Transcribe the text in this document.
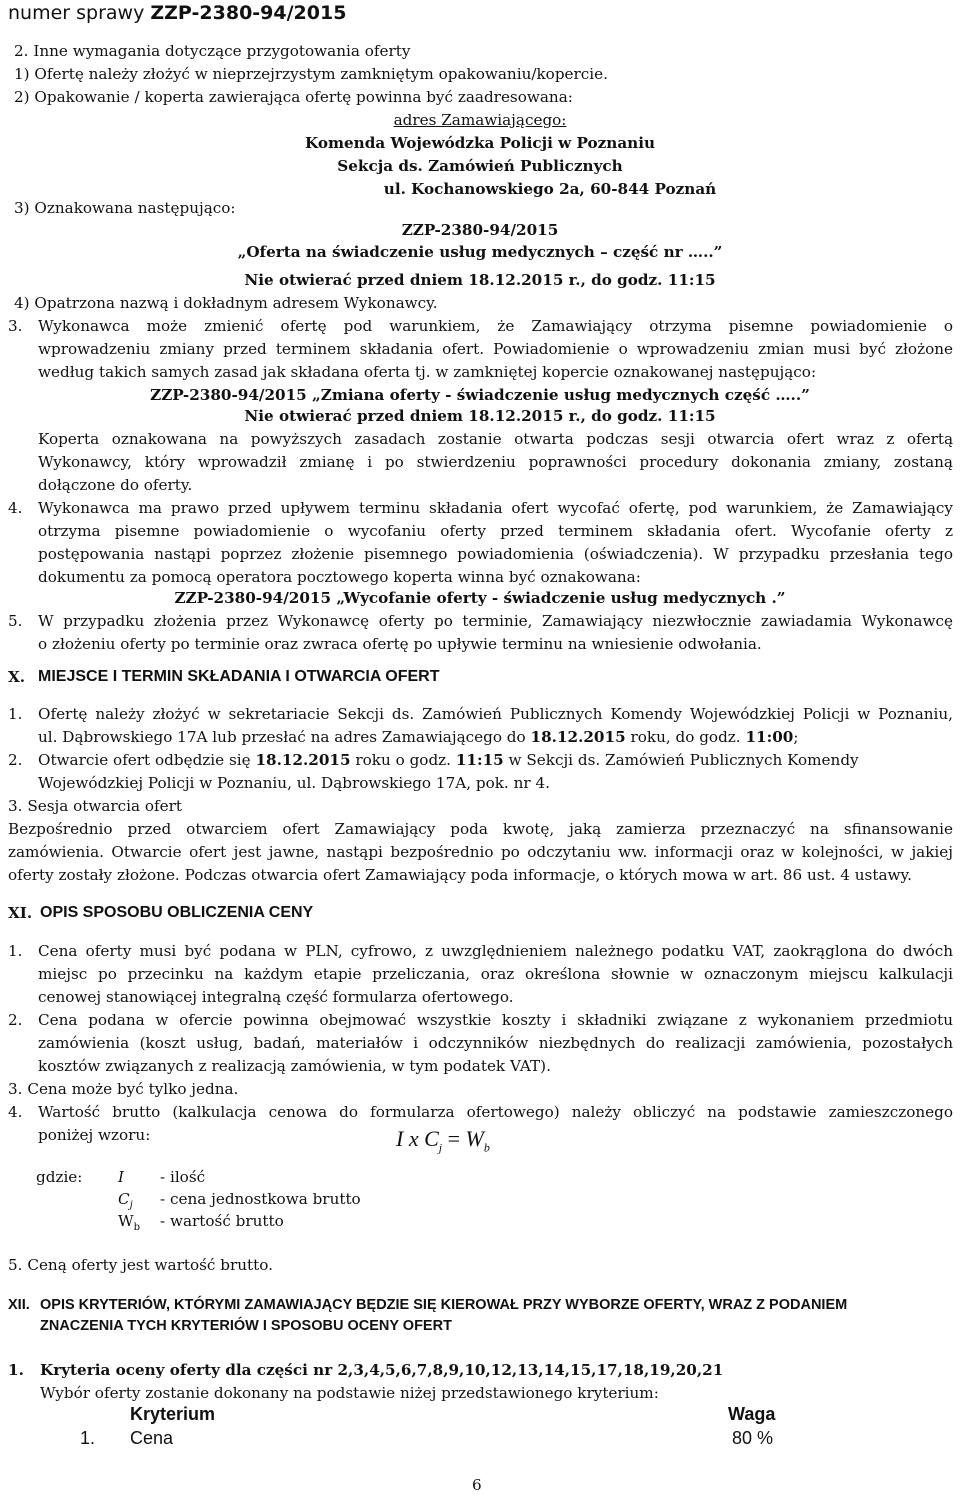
numer sprawy ZZP-2380-94/2015
2. Inne wymagania dotyczące przygotowania oferty
1) Ofertę należy złożyć w nieprzejrzystym zamkniętym opakowaniu/kopercie.
2) Opakowanie / koperta zawierająca ofertę powinna być zaadresowana:
adres Zamawiającego:
Komenda Wojewódzka Policji w Poznaniu
Sekcja ds. Zamówień Publicznych
ul. Kochanowskiego 2a, 60-844 Poznań
3) Oznakowana następująco:
ZZP-2380-94/2015
„Oferta na świadczenie usług medycznych – część nr …..”
Nie otwierać przed dniem 18.12.2015 r., do godz. 11:15
4) Opatrzona nazwą i dokładnym adresem Wykonawcy.
3. Wykonawca może zmienić ofertę pod warunkiem, że Zamawiający otrzyma pisemne powiadomienie o
wprowadzeniu zmiany przed terminem składania ofert. Powiadomienie o wprowadzeniu zmian musi być złożone
według takich samych zasad jak składana oferta tj. w zamkniętej kopercie oznakowanej następująco:
ZZP-2380-94/2015 „Zmiana oferty - świadczenie usług medycznych część …..”
Nie otwierać przed dniem 18.12.2015 r., do godz. 11:15
Koperta oznakowana na powyższych zasadach zostanie otwarta podczas sesji otwarcia ofert wraz z ofertą
Wykonawcy, który wprowadził zmianę i po stwierdzeniu poprawności procedury dokonania zmiany, zostaną
dołączone do oferty.
4. Wykonawca ma prawo przed upływem terminu składania ofert wycofać ofertę, pod warunkiem, że Zamawiający
otrzyma pisemne powiadomienie o wycofaniu oferty przed terminem składania ofert. Wycofanie oferty z
postępowania nastąpi poprzez złożenie pisemnego powiadomienia (oświadczenia). W przypadku przesłania tego
dokumentu za pomocą operatora pocztowego koperta winna być oznakowana:
ZZP-2380-94/2015 „Wycofanie oferty - świadczenie usług medycznych .”
5. W przypadku złożenia przez Wykonawcę oferty po terminie, Zamawiający niezwłocznie zawiadamia Wykonawcę
o złożeniu oferty po terminie oraz zwraca ofertę po upływie terminu na wniesienie odwołania.
X. MIEJSCE I TERMIN SKŁADANIA I OTWARCIA OFERT
1. Ofertę należy złożyć w sekretariacie Sekcji ds. Zamówień Publicznych Komendy Wojewódzkiej Policji w Poznaniu,
ul. Dąbrowskiego 17A lub przesłać na adres Zamawiającego do 18.12.2015 roku, do godz. 11:00;
2. Otwarcie ofert odbędzie się 18.12.2015 roku o godz. 11:15 w Sekcji ds. Zamówień Publicznych Komendy
Wojewódzkiej Policji w Poznaniu, ul. Dąbrowskiego 17A, pok. nr 4.
3. Sesja otwarcia ofert
Bezpośrednio przed otwarciem ofert Zamawiający poda kwotę, jaką zamierza przeznaczyć na sfinansowanie
zamówienia. Otwarcie ofert jest jawne, nastąpi bezpośrednio po odczytaniu ww. informacji oraz w kolejności, w jakiej
oferty zostały złożone. Podczas otwarcia ofert Zamawiający poda informacje, o których mowa w art. 86 ust. 4 ustawy.
XI. OPIS SPOSOBU OBLICZENIA CENY
1. Cena oferty musi być podana w PLN, cyfrowo, z uwzględnieniem należnego podatku VAT, zaokrąglona do dwóch
miejsc po przecinku na każdym etapie przeliczania, oraz określona słownie w oznaczonym miejscu kalkulacji
cenowej stanowiącej integralną część formularza ofertowego.
2. Cena podana w ofercie powinna obejmować wszystkie koszty i składniki związane z wykonaniem przedmiotu
zamówienia (koszt usług, badań, materiałów i odczynników niezbędnych do realizacji zamówienia, pozostałych
kosztów związanych z realizacją zamówienia, w tym podatek VAT).
3. Cena może być tylko jedna.
4. Wartość brutto (kalkulacja cenowa do formularza ofertowego) należy obliczyć na podstawie zamieszczonego
poniżej wzoru:	I x $C_j = W_b$
gdzie: I - ilość
$C_j$ - cena jednostkowa brutto
$W_b$ - wartość brutto
5. Ceną oferty jest wartość brutto.
XII. OPIS KRYTERIÓW, KTÓRYMI ZAMAWIAJĄCY BĘDZIE SIĘ KIEROWAŁ PRZY WYBORZE OFERTY, WRAZ Z PODANIEM
ZNACZENIA TYCH KRYTERIÓW I SPOSOBU OCENY OFERT
1. Kryteria oceny oferty dla części nr 2,3,4,5,6,7,8,9,10,12,13,14,15,17,18,19,20,21
Wybór oferty zostanie dokonany na podstawie niżej przedstawionego kryterium:
Kryterium	Waga
1. Cena	80 %
6
